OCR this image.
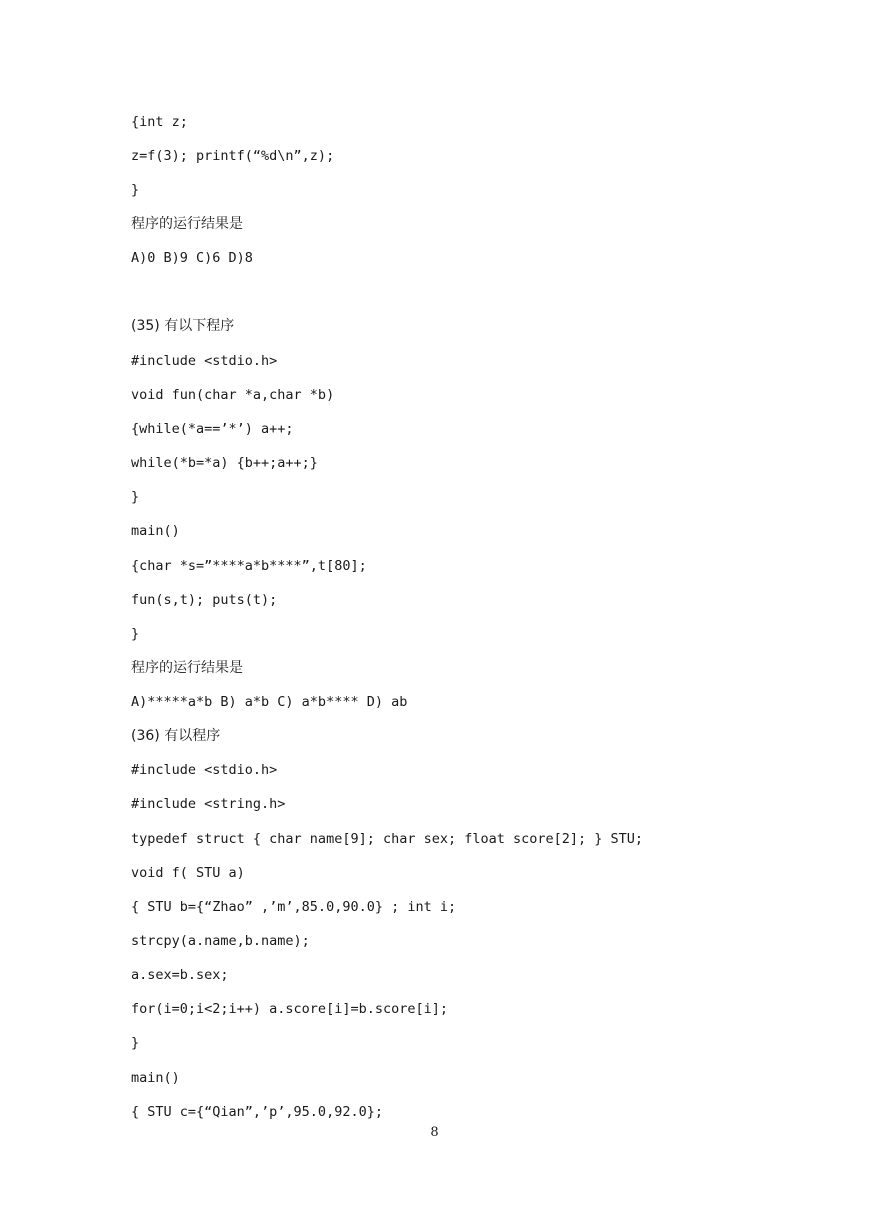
{int z;
z=f(3); printf(“%d\n”,z);
}
程序的运行结果是
A)0 B)9 C)6 D)8
(35) 有以下程序
#include <stdio.h>
void fun(char *a,char *b)
{while(*a==’*’) a++;
while(*b=*a) {b++;a++;}
}
main()
{char *s=”****a*b****”,t[80];
fun(s,t); puts(t);
}
程序的运行结果是
A)*****a*b B) a*b C) a*b**** D) ab
(36) 有以程序
#include <stdio.h>
#include <string.h>
typedef struct { char name[9]; char sex; float score[2]; } STU;
void f( STU a)
{ STU b={“Zhao” ,’m’,85.0,90.0} ; int i;
strcpy(a.name,b.name);
a.sex=b.sex;
for(i=0;i<2;i++) a.score[i]=b.score[i];
}
main()
{ STU c={“Qian”,’p’,95.0,92.0};
8
